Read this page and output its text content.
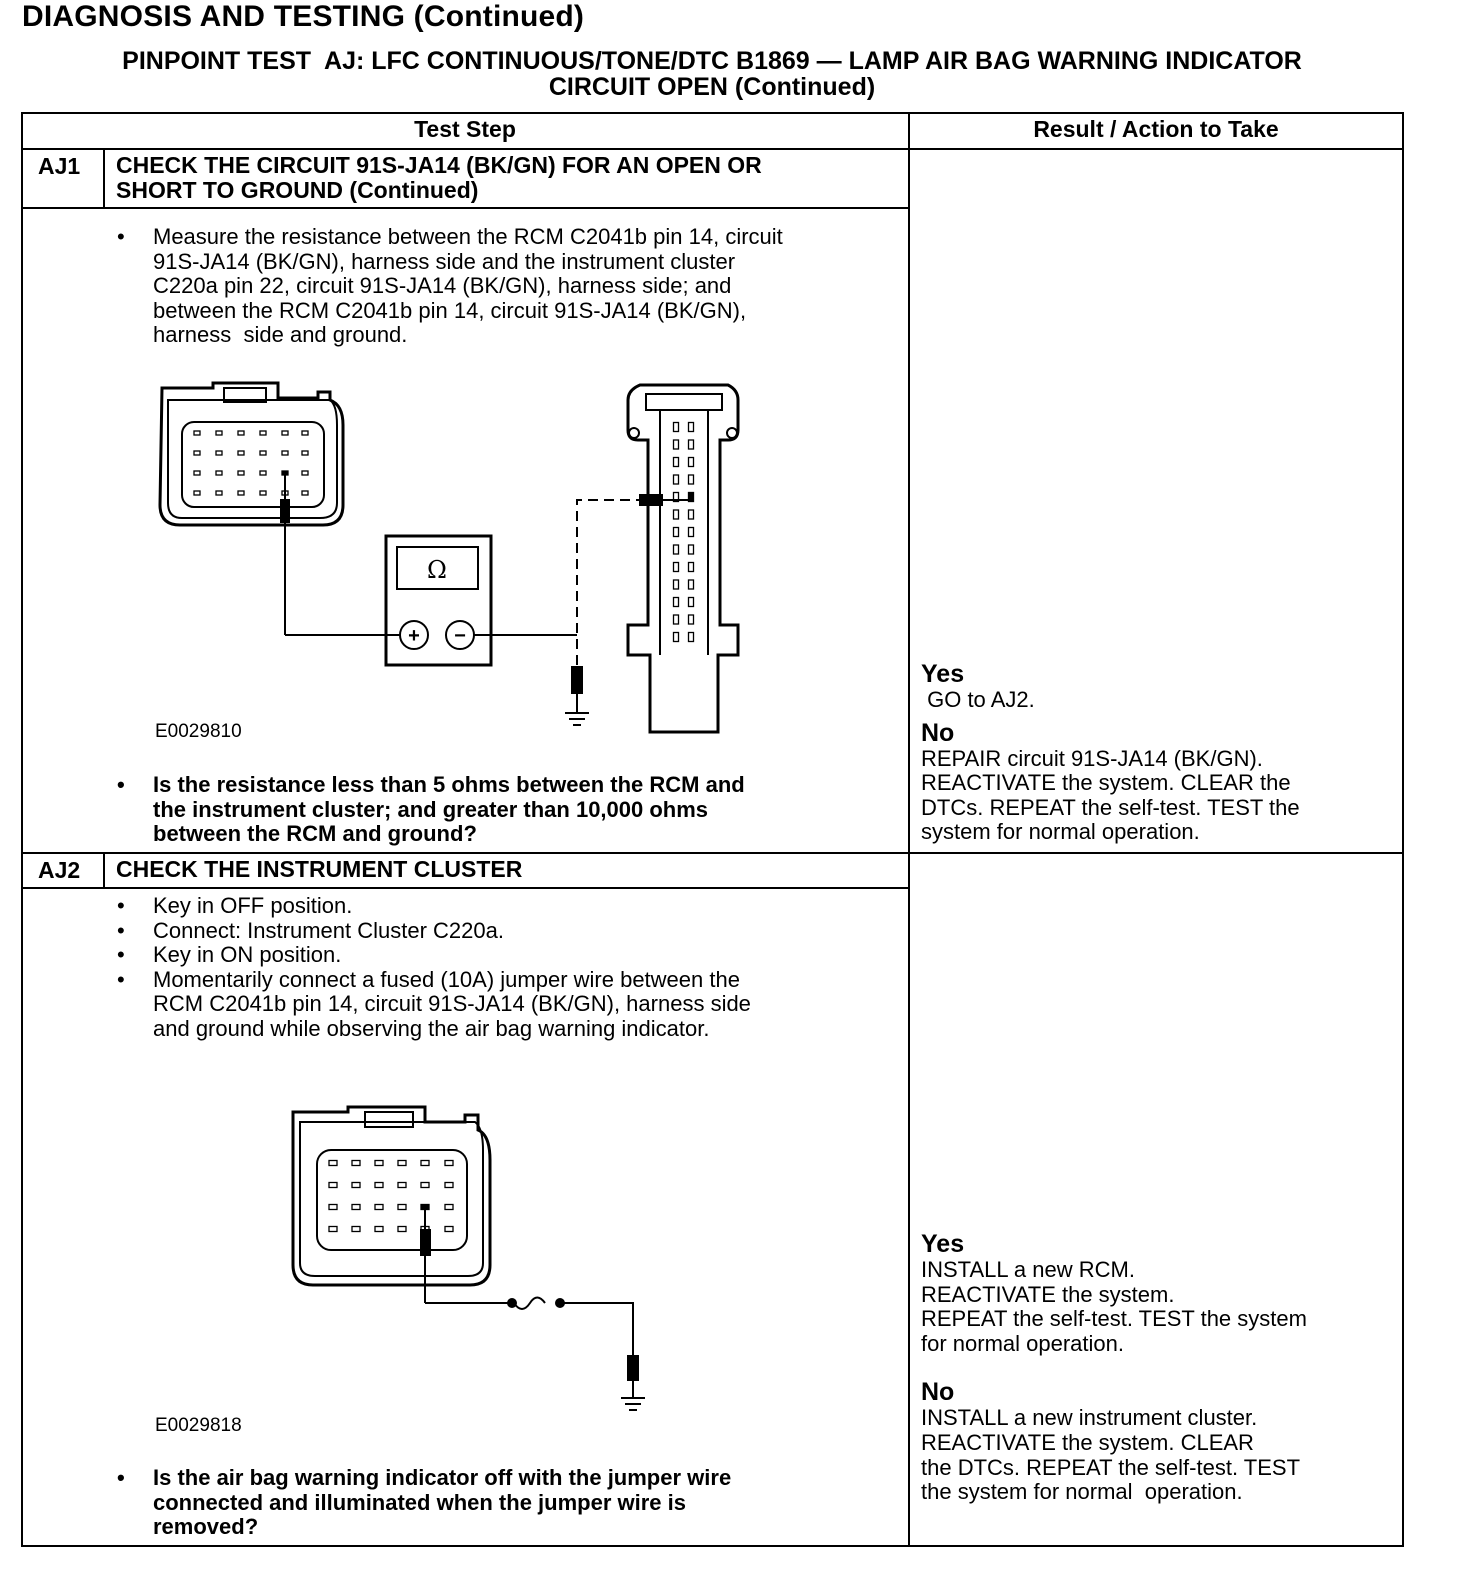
DIAGNOSIS AND TESTING (Continued)
PINPOINT TEST  AJ: LFC CONTINUOUS/TONE/DTC B1869 — LAMP AIR BAG WARNING INDICATOR
CIRCUIT OPEN (Continued)
Test Step	Result / Action to Take
AJ1 CHECK THE CIRCUIT 91S-JA14 (BK/GN) FOR AN OPEN OR
SHORT TO GROUND (Continued)
• Measure the resistance between the RCM C2041b pin 14, circuit
91S-JA14 (BK/GN), harness side and the instrument cluster
C220a pin 22, circuit 91S-JA14 (BK/GN), harness side; and
between the RCM C2041b pin 14, circuit 91S-JA14 (BK/GN),
harness  side and ground.
E0029810
• Is the resistance less than 5 ohms between the RCM and
the instrument cluster; and greater than 10,000 ohms
between the RCM and ground?
Yes
GO to AJ2.
No
REPAIR circuit 91S-JA14 (BK/GN).
REACTIVATE the system. CLEAR the
DTCs. REPEAT the self-test. TEST the
system for normal operation.
AJ2 CHECK THE INSTRUMENT CLUSTER
• Key in OFF position.
• Connect: Instrument Cluster C220a.
• Key in ON position.
• Momentarily connect a fused (10A) jumper wire between the
RCM C2041b pin 14, circuit 91S-JA14 (BK/GN), harness side
and ground while observing the air bag warning indicator.
E0029818
• Is the air bag warning indicator off with the jumper wire
connected and illuminated when the jumper wire is
removed?
Yes
INSTALL a new RCM.
REACTIVATE the system.
REPEAT the self-test. TEST the system
for normal operation.
No
INSTALL a new instrument cluster.
REACTIVATE the system. CLEAR
the DTCs. REPEAT the self-test. TEST
the system for normal  operation.
Ω
+ −
